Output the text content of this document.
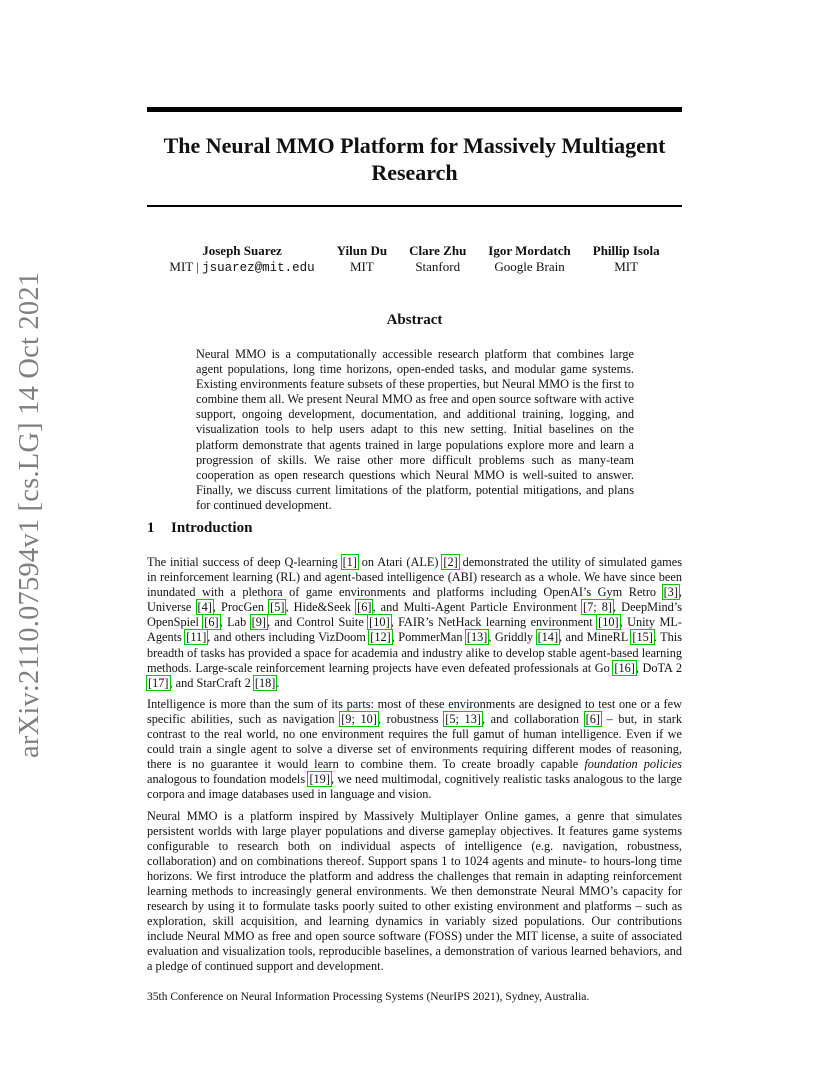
The Neural MMO Platform for Massively Multiagent Research
Joseph Suarez
MIT | jsuarez@mit.edu
Yilun Du
MIT
Clare Zhu
Stanford
Igor Mordatch
Google Brain
Phillip Isola
MIT
arXiv:2110.07594v1 [cs.LG] 14 Oct 2021	Abstract
Neural MMO is a computationally accessible research platform that combines large agent populations, long time horizons, open-ended tasks, and modular game systems. Existing environments feature subsets of these properties, but Neural MMO is the first to combine them all. We present Neural MMO as free and open source software with active support, ongoing development, documentation, and additional training, logging, and visualization tools to help users adapt to this new setting. Initial baselines on the platform demonstrate that agents trained in large populations explore more and learn a progression of skills. We raise other more difficult problems such as many-team cooperation as open research questions which Neural MMO is well-suited to answer. Finally, we discuss current limitations of the platform, potential mitigations, and plans for continued development.
1 Introduction

The initial success of deep Q-learning [1] on Atari (ALE) [2] demonstrated the utility of simulated games in reinforcement learning (RL) and agent-based intelligence (ABI) research as a whole. We have since been inundated with a plethora of game environments and platforms including OpenAI’s Gym Retro [3], Universe [4], ProcGen [5], Hide&Seek [6], and Multi-Agent Particle Environment [7; 8], DeepMind’s OpenSpiel [6], Lab [9], and Control Suite [10], FAIR’s NetHack learning environment [10], Unity ML-Agents [11], and others including VizDoom [12], PommerMan [13], Griddly [14], and MineRL [15]. This breadth of tasks has provided a space for academia and industry alike to develop stable agent-based learning methods. Large-scale reinforcement learning projects have even defeated professionals at Go [16], DoTA 2 [17], and StarCraft 2 [18].

Intelligence is more than the sum of its parts: most of these environments are designed to test one or a few specific abilities, such as navigation [9; 10], robustness [5; 13], and collaboration [6] – but, in stark contrast to the real world, no one environment requires the full gamut of human intelligence. Even if we could train a single agent to solve a diverse set of environments requiring different modes of reasoning, there is no guarantee it would learn to combine them. To create broadly capable foundation policies analogous to foundation models [19], we need multimodal, cognitively realistic tasks analogous to the large corpora and image databases used in language and vision.

Neural MMO is a platform inspired by Massively Multiplayer Online games, a genre that simulates persistent worlds with large player populations and diverse gameplay objectives. It features game systems configurable to research both on individual aspects of intelligence (e.g. navigation, robustness, collaboration) and on combinations thereof. Support spans 1 to 1024 agents and minute- to hours-long time horizons. We first introduce the platform and address the challenges that remain in adapting reinforcement learning methods to increasingly general environments. We then demonstrate Neural MMO’s capacity for research by using it to formulate tasks poorly suited to other existing environment and platforms – such as exploration, skill acquisition, and learning dynamics in variably sized populations. Our contributions include Neural MMO as free and open source software (FOSS) under the MIT license, a suite of associated evaluation and visualization tools, reproducible baselines, a demonstration of various learned behaviors, and a pledge of continued support and development.

35th Conference on Neural Information Processing Systems (NeurIPS 2021), Sydney, Australia.
